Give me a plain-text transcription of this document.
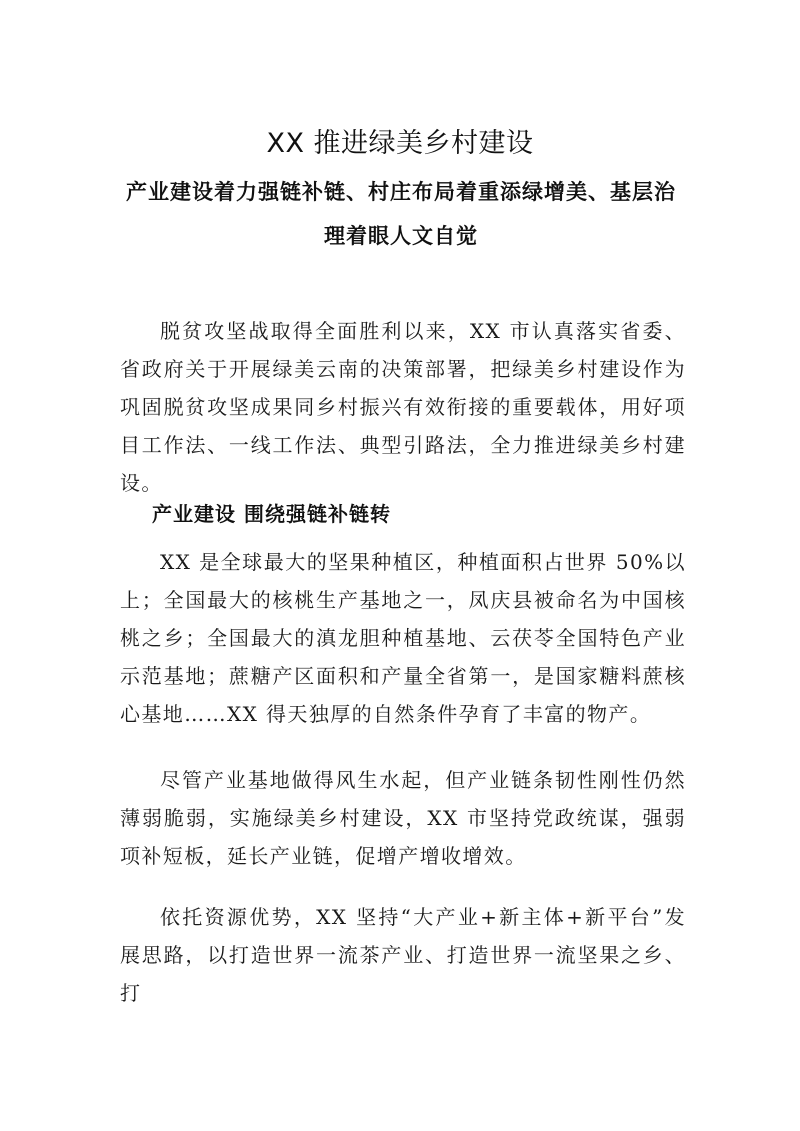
XX 推进绿美乡村建设
产业建设着力强链补链、村庄布局着重添绿增美、基层治理着眼人文自觉

脱贫攻坚战取得全面胜利以来，XX 市认真落实省委、省政府关于开展绿美云南的决策部署，把绿美乡村建设作为巩固脱贫攻坚成果同乡村振兴有效衔接的重要载体，用好项目工作法、一线工作法、典型引路法，全力推进绿美乡村建设。

产业建设 围绕强链补链转

XX 是全球最大的坚果种植区，种植面积占世界 50%以上；全国最大的核桃生产基地之一，凤庆县被命名为中国核桃之乡；全国最大的滇龙胆种植基地、云茯苓全国特色产业示范基地；蔗糖产区面积和产量全省第一，是国家糖料蔗核心基地……XX 得天独厚的自然条件孕育了丰富的物产。

尽管产业基地做得风生水起，但产业链条韧性刚性仍然薄弱脆弱，实施绿美乡村建设，XX 市坚持党政统谋，强弱项补短板，延长产业链，促增产增收增效。

依托资源优势，XX 坚持“大产业+新主体+新平台”发展思路，以打造世界一流茶产业、打造世界一流坚果之乡、打
